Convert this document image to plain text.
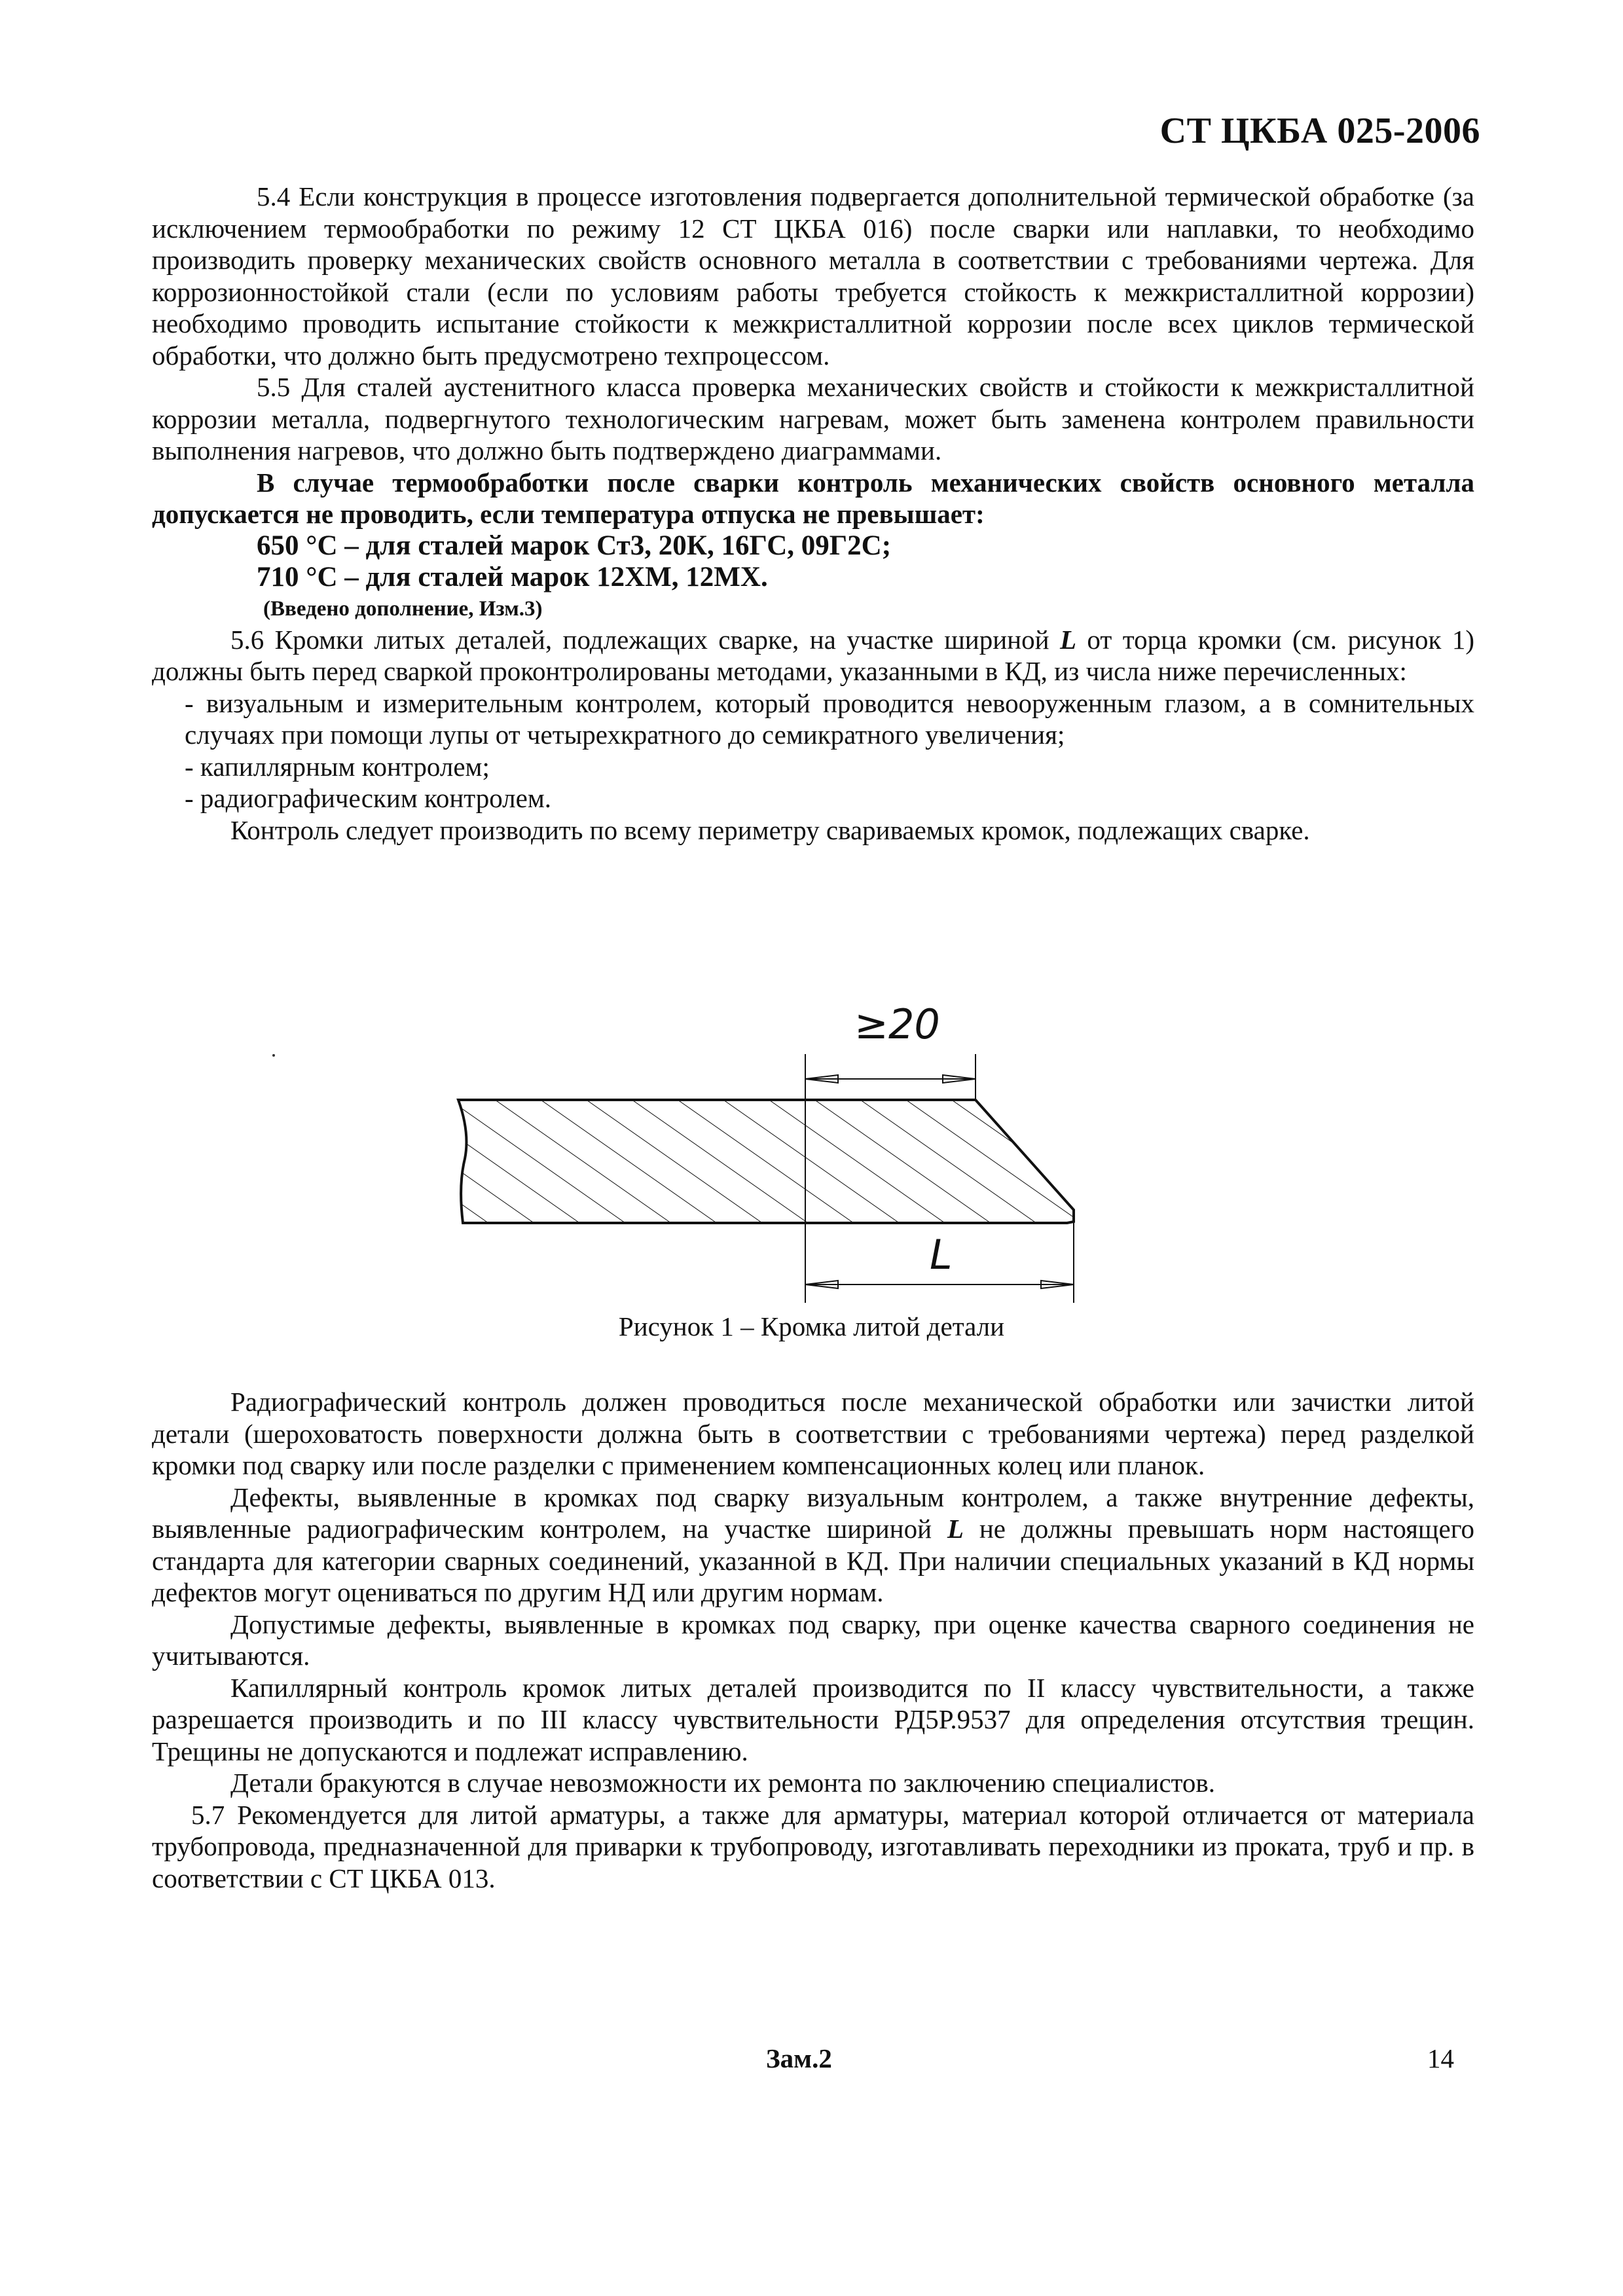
СТ ЦКБА 025-2006

5.4 Если конструкция в процессе изготовления подвергается дополнительной термической обработке (за исключением термообработки по режиму 12 СТ ЦКБА 016) после сварки или наплавки, то необходимо производить проверку механических свойств основного металла в соответствии с требованиями чертежа. Для коррозионностойкой стали (если по условиям работы требуется стойкость к межкристаллитной коррозии) необходимо проводить испытание стойкости к межкристаллитной коррозии после всех циклов термической обработки, что должно быть предусмотрено техпроцессом.

5.5 Для сталей аустенитного класса проверка механических свойств и стойкости к межкристаллитной коррозии металла, подвергнутого технологическим нагревам, может быть заменена контролем правильности выполнения нагревов, что должно быть подтверждено диаграммами.

В случае термообработки после сварки контроль механических свойств основного металла допускается не проводить, если температура отпуска не превышает:

650 °С – для сталей марок Ст3, 20К, 16ГС, 09Г2С;

710 °С – для сталей марок 12ХМ, 12МХ.

(Введено дополнение, Изм.3)

5.6 Кромки литых деталей, подлежащих сварке, на участке шириной L от торца кромки (см. рисунок 1) должны быть перед сваркой проконтролированы методами, указанными в КД, из числа ниже перечисленных:

- визуальным и измерительным контролем, который проводится невооруженным глазом, а в сомнительных случаях при помощи лупы от четырехкратного до семикратного увеличения;

- капиллярным контролем;

- радиографическим контролем.

Контроль следует производить по всему периметру свариваемых кромок, подлежащих сварке.

≥20
L
Рисунок 1 – Кромка литой детали

Радиографический контроль должен проводиться после механической обработки или зачистки литой детали (шероховатость поверхности должна быть в соответствии с требованиями чертежа) перед разделкой кромки под сварку или после разделки с применением компенсационных колец или планок.

Дефекты, выявленные в кромках под сварку визуальным контролем, а также внутренние дефекты, выявленные радиографическим контролем, на участке шириной L не должны превышать норм настоящего стандарта для категории сварных соединений, указанной в КД. При наличии специальных указаний в КД нормы дефектов могут оцениваться по другим НД или другим нормам.

Допустимые дефекты, выявленные в кромках под сварку, при оценке качества сварного соединения не учитываются.

Капиллярный контроль кромок литых деталей производится по II классу чувствительности, а также разрешается производить и по III классу чувствительности РД5Р.9537 для определения отсутствия трещин. Трещины не допускаются и подлежат исправлению.

Детали бракуются в случае невозможности их ремонта по заключению специалистов.

5.7 Рекомендуется для литой арматуры, а также для арматуры, материал которой отличается от материала трубопровода, предназначенной для приварки к трубопроводу, изготавливать переходники из проката, труб и пр. в соответствии с СТ ЦКБА 013.

Зам.2	14
